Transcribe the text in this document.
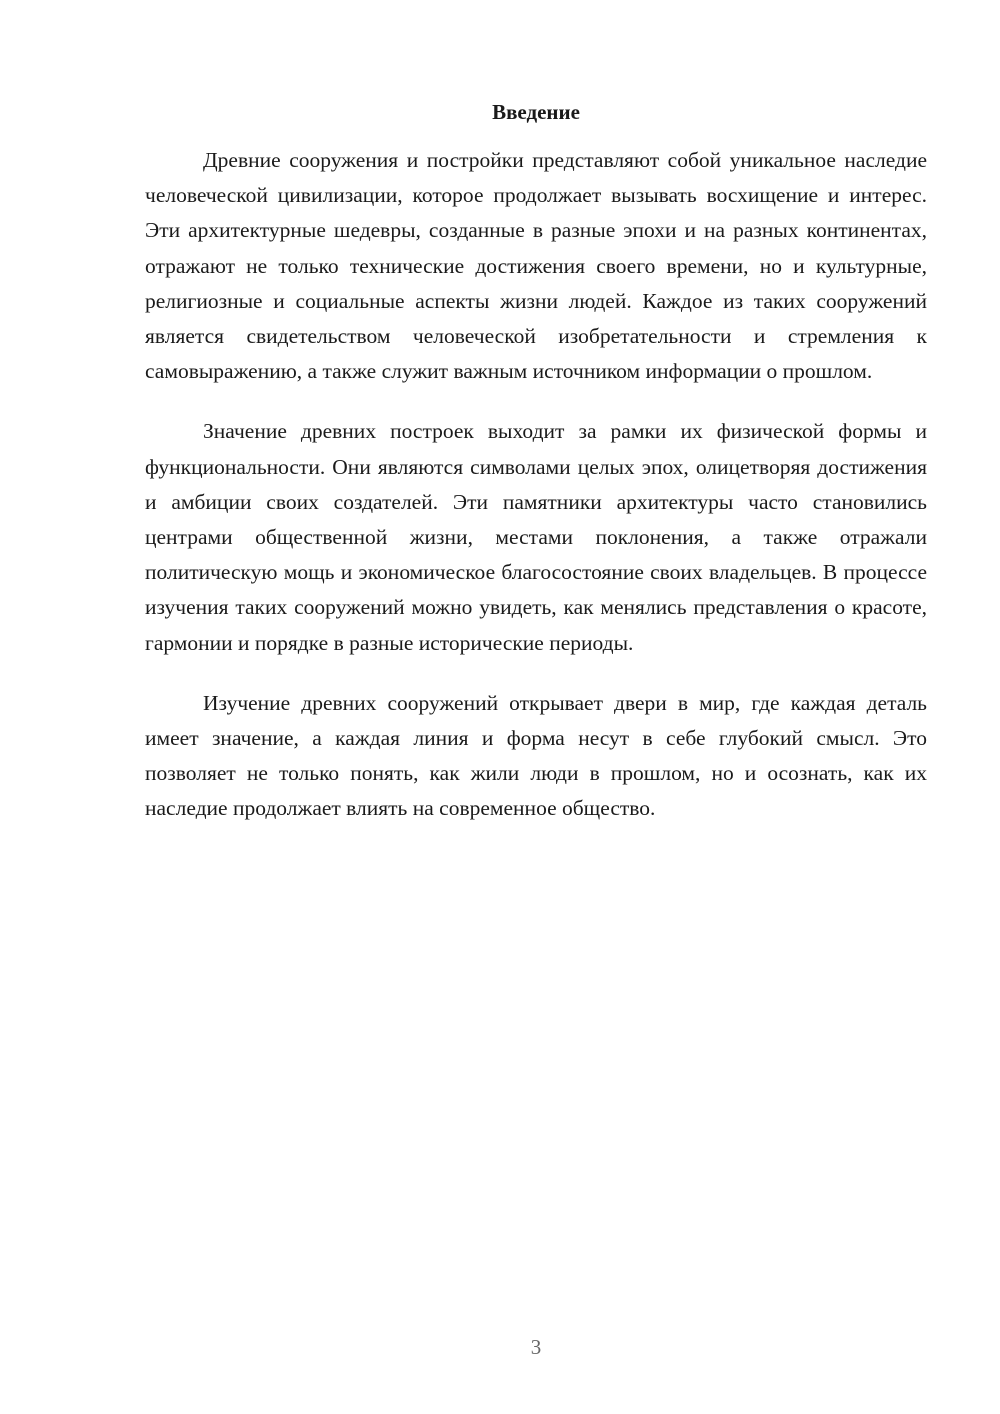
Введение

Древние сооружения и постройки представляют собой уникальное наследие человеческой цивилизации, которое продолжает вызывать восхищение и интерес. Эти архитектурные шедевры, созданные в разные эпохи и на разных континентах, отражают не только технические достижения своего времени, но и культурные, религиозные и социальные аспекты жизни людей. Каждое из таких сооружений является свидетельством человеческой изобретательности и стремления к самовыражению, а также служит важным источником информации о прошлом.

Значение древних построек выходит за рамки их физической формы и функциональности. Они являются символами целых эпох, олицетворяя достижения и амбиции своих создателей. Эти памятники архитектуры часто становились центрами общественной жизни, местами поклонения, а также отражали политическую мощь и экономическое благосостояние своих владельцев. В процессе изучения таких сооружений можно увидеть, как менялись представления о красоте, гармонии и порядке в разные исторические периоды.

Изучение древних сооружений открывает двери в мир, где каждая деталь имеет значение, а каждая линия и форма несут в себе глубокий смысл. Это позволяет не только понять, как жили люди в прошлом, но и осознать, как их наследие продолжает влиять на современное общество.

3
